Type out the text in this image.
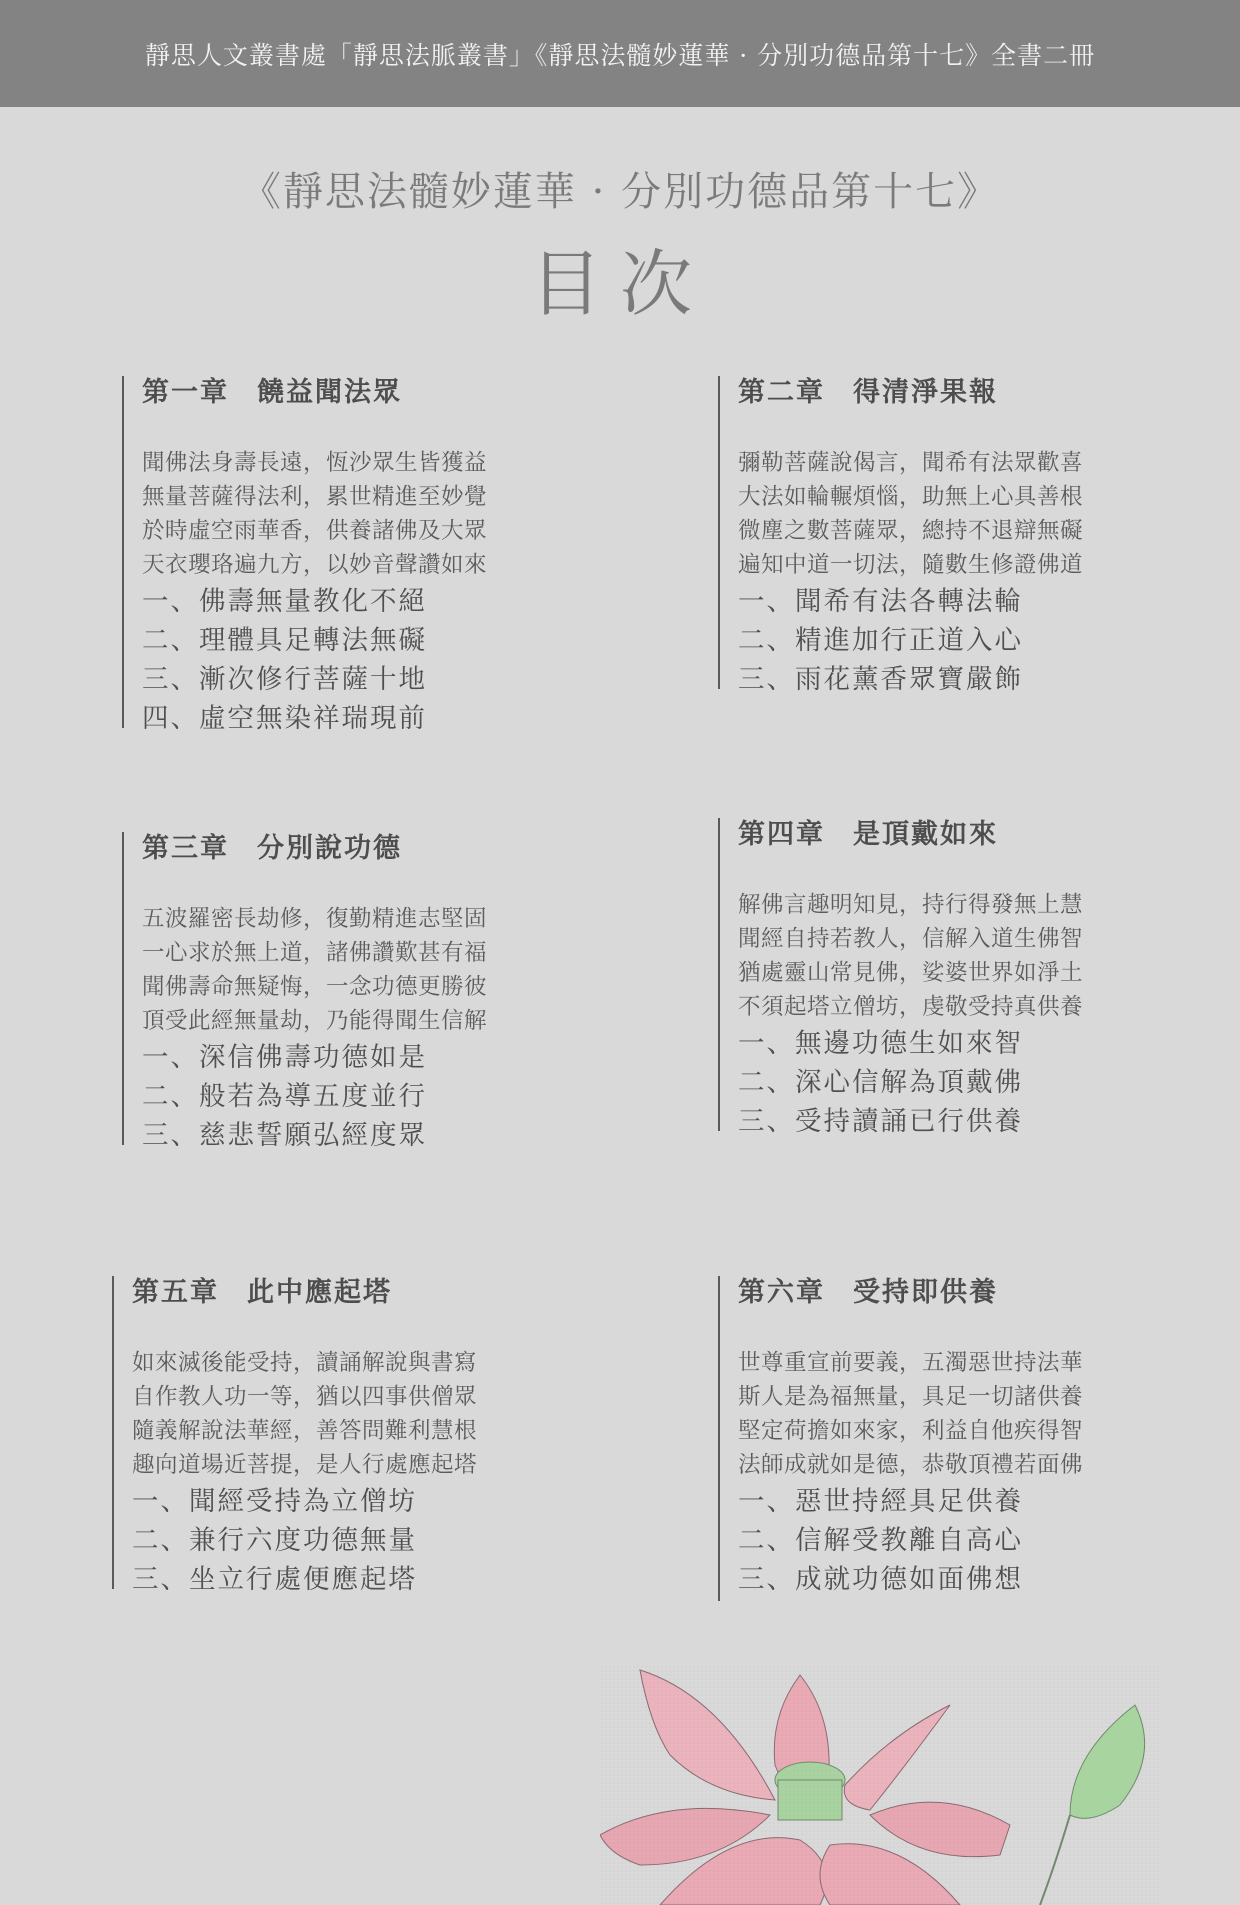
靜思人文叢書處「靜思法脈叢書」《靜思法髓妙蓮華 · 分別功德品第十七》全書二冊
《靜思法髓妙蓮華 · 分別功德品第十七》
目次
第一章 饒益聞法眾
聞佛法身壽長遠，恆沙眾生皆獲益
無量菩薩得法利，累世精進至妙覺
於時虛空雨華香，供養諸佛及大眾
天衣瓔珞遍九方，以妙音聲讚如來
一、佛壽無量教化不絕
二、理體具足轉法無礙
三、漸次修行菩薩十地
四、虛空無染祥瑞現前
第二章 得清淨果報
彌勒菩薩說偈言，聞希有法眾歡喜
大法如輪輾煩惱，助無上心具善根
微塵之數菩薩眾，總持不退辯無礙
遍知中道一切法，隨數生修證佛道
一、聞希有法各轉法輪
二、精進加行正道入心
三、雨花薰香眾寶嚴飾
第三章 分別說功德
五波羅密長劫修，復勤精進志堅固
一心求於無上道，諸佛讚歎甚有福
聞佛壽命無疑悔，一念功德更勝彼
頂受此經無量劫，乃能得聞生信解
一、深信佛壽功德如是
二、般若為導五度並行
三、慈悲誓願弘經度眾
第四章 是頂戴如來
解佛言趣明知見，持行得發無上慧
聞經自持若教人，信解入道生佛智
猶處靈山常見佛，娑婆世界如淨土
不須起塔立僧坊，虔敬受持真供養
一、無邊功德生如來智
二、深心信解為頂戴佛
三、受持讀誦已行供養
第五章 此中應起塔
如來滅後能受持，讀誦解說與書寫
自作教人功一等，猶以四事供僧眾
隨義解說法華經，善答問難利慧根
趣向道場近菩提，是人行處應起塔
一、聞經受持為立僧坊
二、兼行六度功德無量
三、坐立行處便應起塔
第六章 受持即供養
世尊重宣前要義，五濁惡世持法華
斯人是為福無量，具足一切諸供養
堅定荷擔如來家，利益自他疾得智
法師成就如是德，恭敬頂禮若面佛
一、惡世持經具足供養
二、信解受教離自高心
三、成就功德如面佛想
